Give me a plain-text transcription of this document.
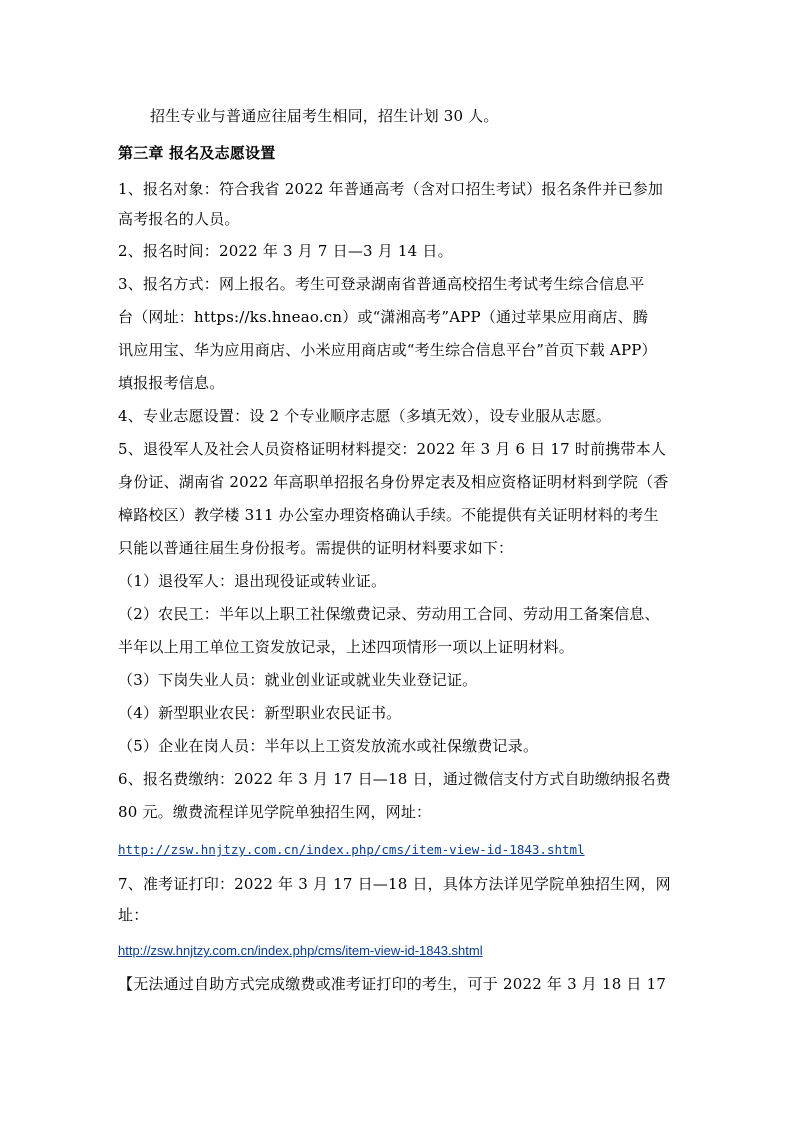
招生专业与普通应往届考生相同，招生计划 30 人。
第三章 报名及志愿设置
1、报名对象：符合我省 2022 年普通高考（含对口招生考试）报名条件并已参加
高考报名的人员。
2、报名时间：2022 年 3 月 7 日—3 月 14 日。
3、报名方式：网上报名。考生可登录湖南省普通高校招生考试考生综合信息平
台（网址：https://ks.hneao.cn）或“潇湘高考”APP（通过苹果应用商店、腾
讯应用宝、华为应用商店、小米应用商店或“考生综合信息平台”首页下载 APP）
填报报考信息。
4、专业志愿设置：设 2 个专业顺序志愿（多填无效），设专业服从志愿。
5、退役军人及社会人员资格证明材料提交：2022 年 3 月 6 日 17 时前携带本人
身份证、湖南省 2022 年高职单招报名身份界定表及相应资格证明材料到学院（香
樟路校区）教学楼 311 办公室办理资格确认手续。不能提供有关证明材料的考生
只能以普通往届生身份报考。需提供的证明材料要求如下：
（1）退役军人：退出现役证或转业证。
（2）农民工：半年以上职工社保缴费记录、劳动用工合同、劳动用工备案信息、
半年以上用工单位工资发放记录，上述四项情形一项以上证明材料。
（3）下岗失业人员：就业创业证或就业失业登记证。
（4）新型职业农民：新型职业农民证书。
（5）企业在岗人员：半年以上工资发放流水或社保缴费记录。
6、报名费缴纳：2022 年 3 月 17 日—18 日，通过微信支付方式自助缴纳报名费
80 元。缴费流程详见学院单独招生网，网址：
http://zsw.hnjtzy.com.cn/index.php/cms/item-view-id-1843.shtml
7、准考证打印：2022 年 3 月 17 日—18 日，具体方法详见学院单独招生网，网
址：
http://zsw.hnjtzy.com.cn/index.php/cms/item-view-id-1843.shtml
【无法通过自助方式完成缴费或准考证打印的考生，可于 2022 年 3 月 18 日 17
